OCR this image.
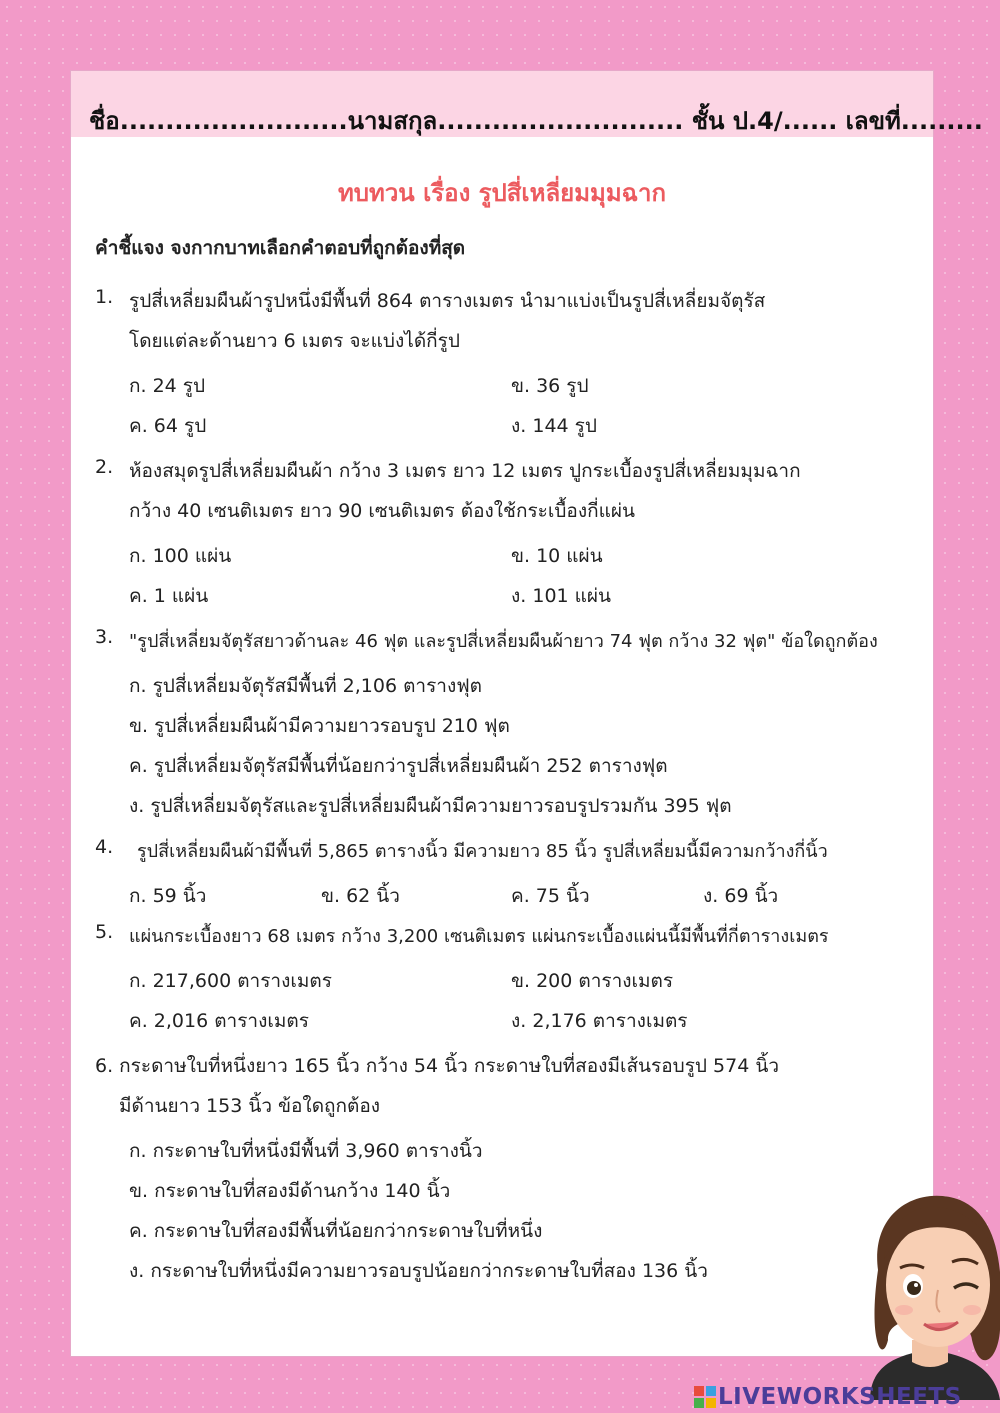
ชื่อ.........................นามสกุล........................... ชั้น ป.4/...... เลขที่.........
ทบทวน เรื่อง รูปสี่เหลี่ยมมุมฉาก
คำชี้แจง จงกากบาทเลือกคำตอบที่ถูกต้องที่สุด
1. รูปสี่เหลี่ยมผืนผ้ารูปหนึ่งมีพื้นที่ 864 ตารางเมตร นำมาแบ่งเป็นรูปสี่เหลี่ยมจัตุรัส
โดยแต่ละด้านยาว 6 เมตร จะแบ่งได้กี่รูป
ก. 24 รูป	ข. 36 รูป
ค. 64 รูป	ง. 144 รูป
2. ห้องสมุดรูปสี่เหลี่ยมผืนผ้า กว้าง 3 เมตร ยาว 12 เมตร ปูกระเบื้องรูปสี่เหลี่ยมมุมฉาก
กว้าง 40 เซนติเมตร ยาว 90 เซนติเมตร ต้องใช้กระเบื้องกี่แผ่น
ก. 100 แผ่น	ข. 10 แผ่น
ค. 1 แผ่น	ง. 101 แผ่น
3. "รูปสี่เหลี่ยมจัตุรัสยาวด้านละ 46 ฟุต และรูปสี่เหลี่ยมผืนผ้ายาว 74 ฟุต กว้าง 32 ฟุต" ข้อใดถูกต้อง
ก. รูปสี่เหลี่ยมจัตุรัสมีพื้นที่ 2,106 ตารางฟุต
ข. รูปสี่เหลี่ยมผืนผ้ามีความยาวรอบรูป 210 ฟุต
ค. รูปสี่เหลี่ยมจัตุรัสมีพื้นที่น้อยกว่ารูปสี่เหลี่ยมผืนผ้า 252 ตารางฟุต
ง. รูปสี่เหลี่ยมจัตุรัสและรูปสี่เหลี่ยมผืนผ้ามีความยาวรอบรูปรวมกัน 395 ฟุต
4. รูปสี่เหลี่ยมผืนผ้ามีพื้นที่ 5,865 ตารางนิ้ว มีความยาว 85 นิ้ว รูปสี่เหลี่ยมนี้มีความกว้างกี่นิ้ว
ก. 59 นิ้ว	ข. 62 นิ้ว	ค. 75 นิ้ว	ง. 69 นิ้ว
5. แผ่นกระเบื้องยาว 68 เมตร กว้าง 3,200 เซนติเมตร แผ่นกระเบื้องแผ่นนี้มีพื้นที่กี่ตารางเมตร
ก. 217,600 ตารางเมตร	ข. 200 ตารางเมตร
ค. 2,016 ตารางเมตร	ง. 2,176 ตารางเมตร
6. กระดาษใบที่หนึ่งยาว 165 นิ้ว กว้าง 54 นิ้ว กระดาษใบที่สองมีเส้นรอบรูป 574 นิ้ว
มีด้านยาว 153 นิ้ว ข้อใดถูกต้อง
ก. กระดาษใบที่หนึ่งมีพื้นที่ 3,960 ตารางนิ้ว
ข. กระดาษใบที่สองมีด้านกว้าง 140 นิ้ว
ค. กระดาษใบที่สองมีพื้นที่น้อยกว่ากระดาษใบที่หนึ่ง
ง. กระดาษใบที่หนึ่งมีความยาวรอบรูปน้อยกว่ากระดาษใบที่สอง 136 นิ้ว
LIVEWORKSHEETS
